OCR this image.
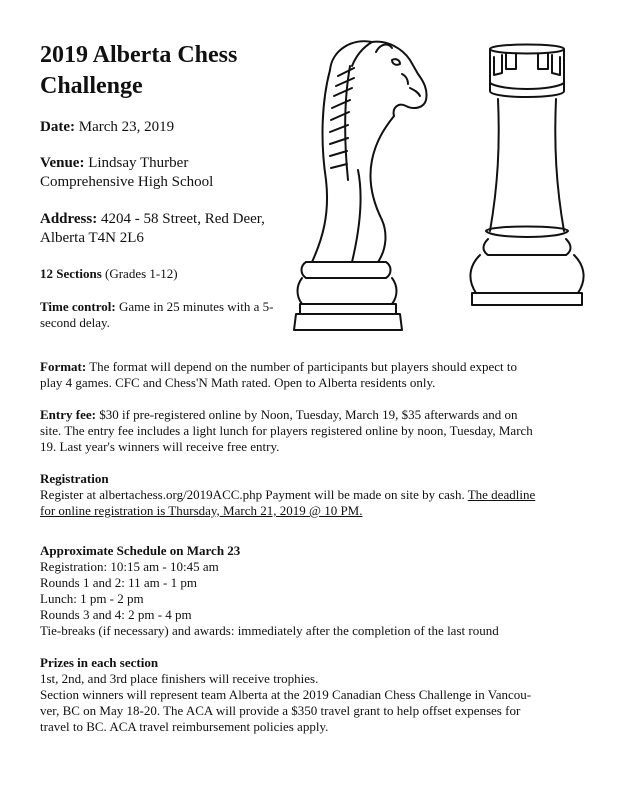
2019 Alberta Chess
Challenge
Date: March 23, 2019
Venue: Lindsay Thurber
Comprehensive High School
Address: 4204 - 58 Street, Red Deer,
Alberta T4N 2L6
12 Sections (Grades 1-12)
Time control: Game in 25 minutes with a 5-
second delay.
Format: The format will depend on the number of participants but players should expect to
play 4 games. CFC and Chess'N Math rated. Open to Alberta residents only.
Entry fee: $30 if pre-registered online by Noon, Tuesday, March 19, $35 afterwards and on
site. The entry fee includes a light lunch for players registered online by noon, Tuesday, March
19. Last year's winners will receive free entry.
Registration
Register at albertachess.org/2019ACC.php Payment will be made on site by cash. The deadline
for online registration is Thursday, March 21, 2019 @ 10 PM.
Approximate Schedule on March 23
Registration: 10:15 am - 10:45 am
Rounds 1 and 2: 11 am - 1 pm
Lunch: 1 pm - 2 pm
Rounds 3 and 4: 2 pm - 4 pm
Tie-breaks (if necessary) and awards: immediately after the completion of the last round
Prizes in each section
1st, 2nd, and 3rd place finishers will receive trophies.
Section winners will represent team Alberta at the 2019 Canadian Chess Challenge in Vancou-
ver, BC on May 18-20. The ACA will provide a $350 travel grant to help offset expenses for
travel to BC. ACA travel reimbursement policies apply.
